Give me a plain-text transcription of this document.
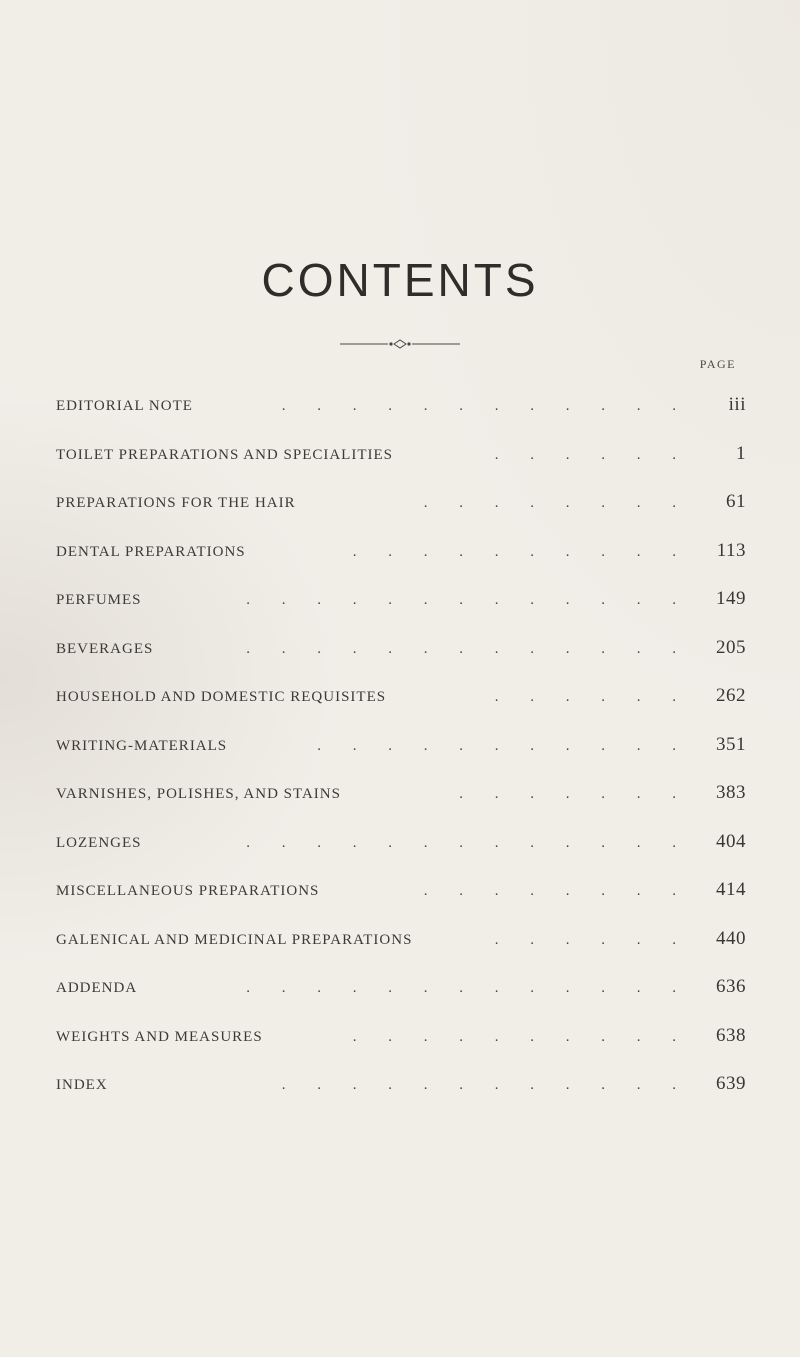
CONTENTS
PAGE
EDITORIAL NOTE	. . . . . . . . . . . .	iii
TOILET PREPARATIONS AND SPECIALITIES	. . . . . .	1
PREPARATIONS FOR THE HAIR	. . . . . . . .	61
DENTAL PREPARATIONS	. . . . . . . . . .	113
PERFUMES	. . . . . . . . . . . . .	149
BEVERAGES	. . . . . . . . . . . . .	205
HOUSEHOLD AND DOMESTIC REQUISITES	. . . . . .	262
WRITING-MATERIALS	. . . . . . . . . . .	351
VARNISHES, POLISHES, AND STAINS	. . . . . . .	383
LOZENGES	. . . . . . . . . . . . .	404
MISCELLANEOUS PREPARATIONS	. . . . . . . .	414
GALENICAL AND MEDICINAL PREPARATIONS	. . . . . .	440
ADDENDA	. . . . . . . . . . . . .	636
WEIGHTS AND MEASURES	. . . . . . . . . .	638
INDEX	. . . . . . . . . . . .	639
